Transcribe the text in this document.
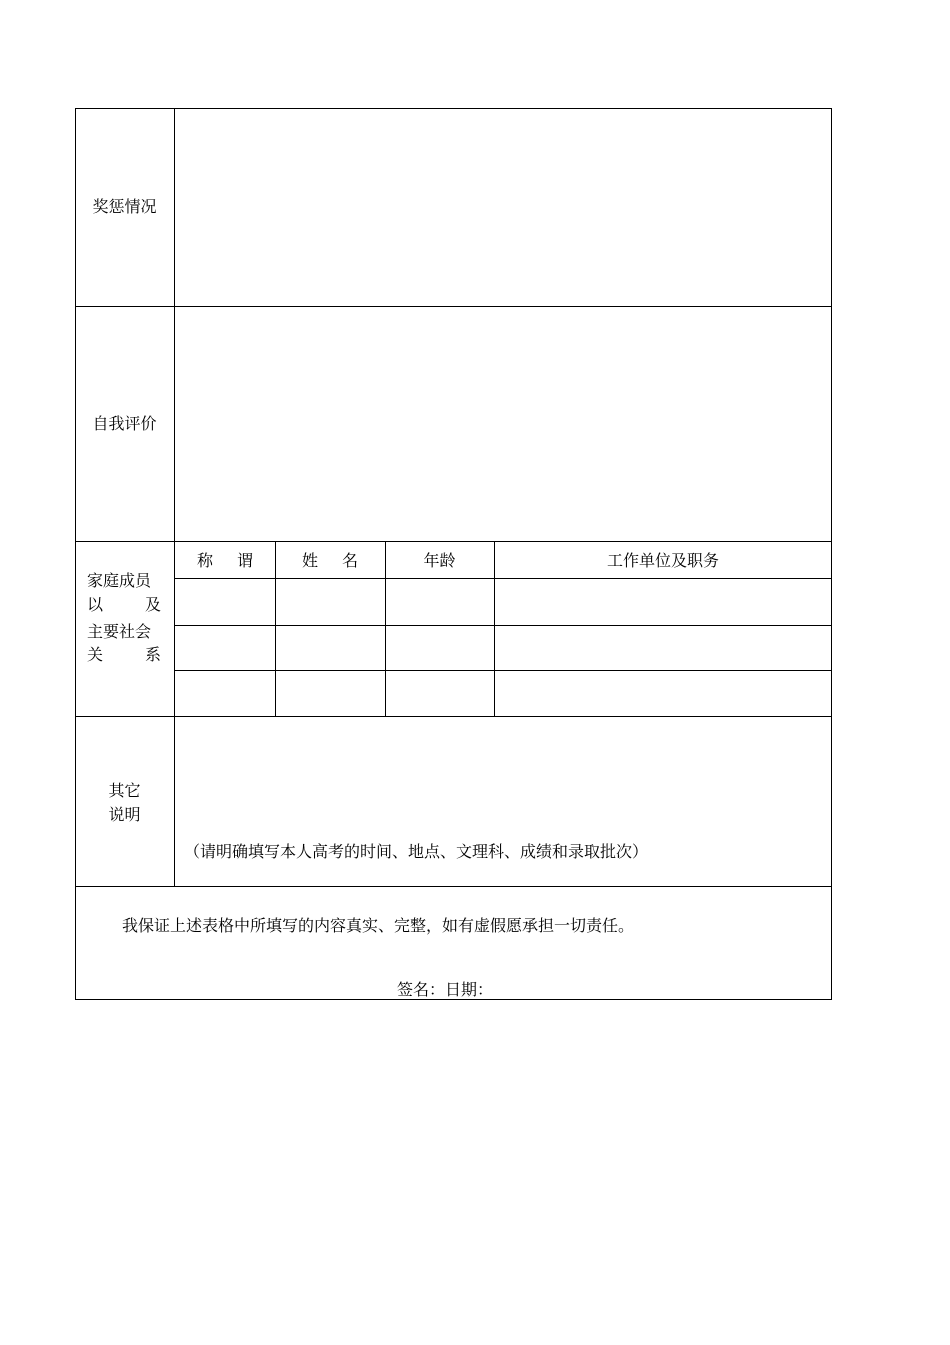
奖惩情况
自我评价
家庭成员
以	及
主要社会
关	系
称 谓	姓 名	年龄	工作单位及职务
其它
说明
（请明确填写本人高考的时间、地点、文理科、成绩和录取批次）
我保证上述表格中所填写的内容真实、完整，如有虚假愿承担一切责任。
签名：日期：
